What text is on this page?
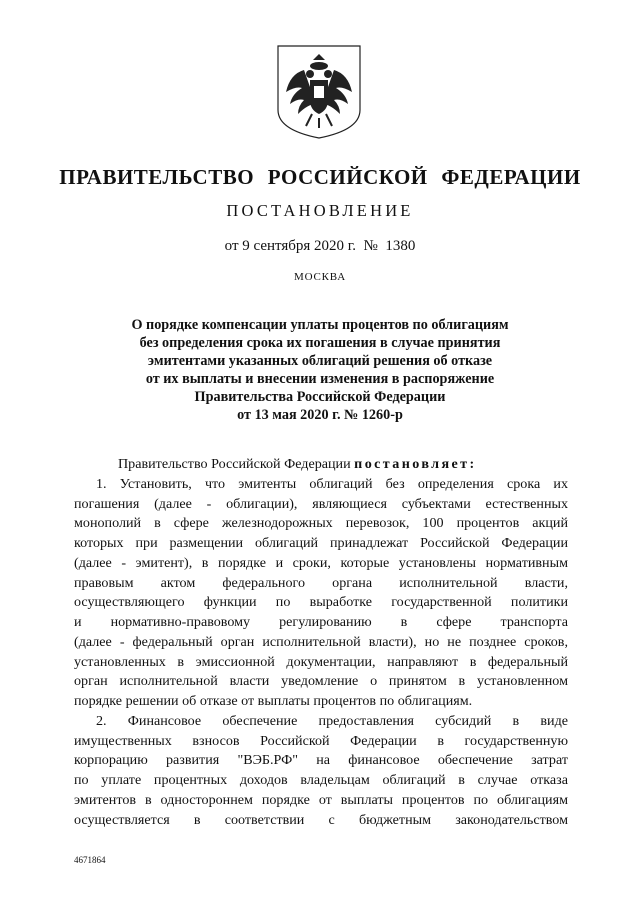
ПРАВИТЕЛЬСТВО РОССИЙСКОЙ ФЕДЕРАЦИИ
ПОСТАНОВЛЕНИЕ
от 9 сентября 2020 г.  №  1380
МОСКВА
О порядке компенсации уплаты процентов по облигациям
без определения срока их погашения в случае принятия
эмитентами указанных облигаций решения об отказе
от их выплаты и внесении изменения в распоряжение
Правительства Российской Федерации
от 13 мая 2020 г. № 1260-р
Правительство Российской Федерации постановляет:
1. Установить, что эмитенты облигаций без определения срока их
погашения (далее - облигации), являющиеся субъектами естественных
монополий в сфере железнодорожных перевозок, 100 процентов акций
которых при размещении облигаций принадлежат Российской Федерации
(далее - эмитент), в порядке и сроки, которые установлены нормативным
правовым актом федерального органа исполнительной власти,
осуществляющего функции по выработке государственной политики
и нормативно-правовому регулированию в сфере транспорта
(далее - федеральный орган исполнительной власти), но не позднее сроков,
установленных в эмиссионной документации, направляют в федеральный
орган исполнительной власти уведомление о принятом в установленном
порядке решении об отказе от выплаты процентов по облигациям.
2. Финансовое обеспечение предоставления субсидий в виде
имущественных взносов Российской Федерации в государственную
корпорацию развития "ВЭБ.РФ" на финансовое обеспечение затрат
по уплате процентных доходов владельцам облигаций в случае отказа
эмитентов в одностороннем порядке от выплаты процентов по облигациям
осуществляется в соответствии с бюджетным законодательством
4671864
